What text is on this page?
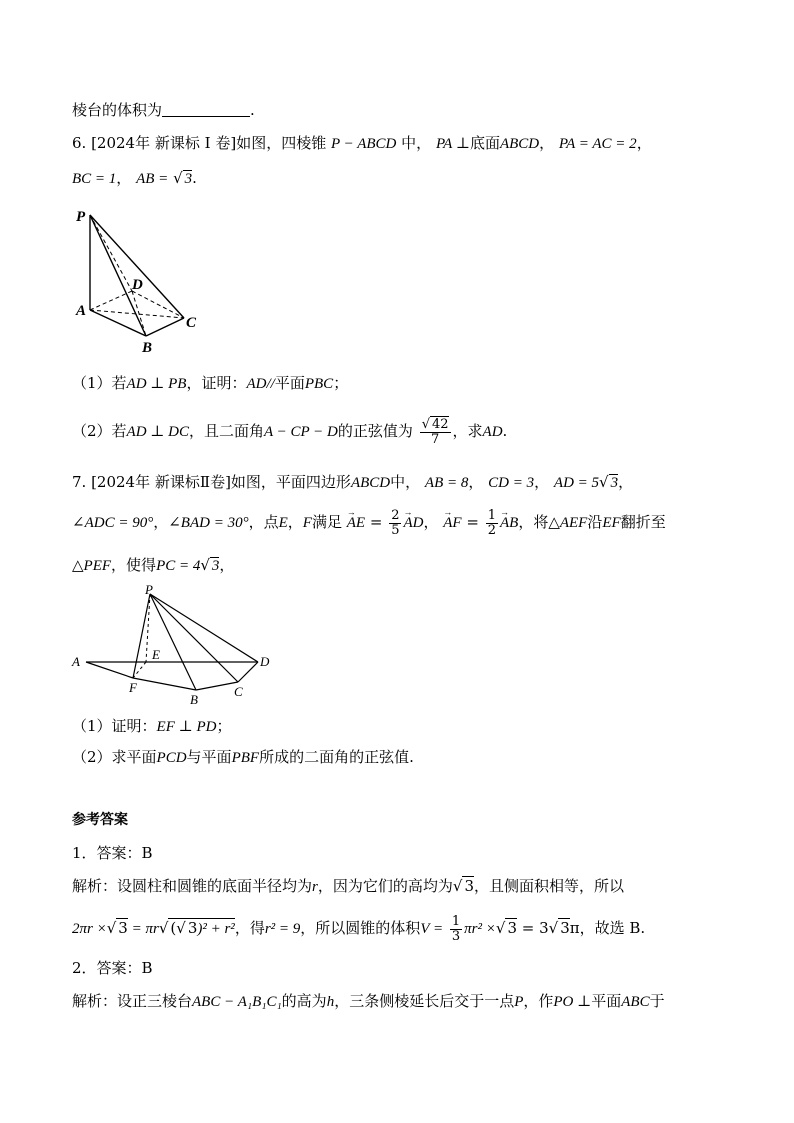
棱台的体积为	.
6. [2024年 新课标 I 卷]如图，四棱锥 P − ABCD 中， PA ⊥底面ABCD， PA = AC = 2，
BC = 1， AB = √ 3.
P
A
B
C
D
（1）若AD ⊥ PB，证明：AD//平面PBC；
（2）若AD ⊥ DC，且二面角A − CP − D的正弦值为 $\frac{√ 42}{7}$ ，求AD.
7. [2024年 新课标Ⅱ卷]如图，平面四边形ABCD中， AB = 8， CD = 3， AD = 5√ 3，
∠ADC = 90°，∠BAD = 30°，点E，F满足
→
AE = $\frac{2}{5}$ →
AD，
→
AF = $\frac{1}{2}$ →
AB，将△AEF沿EF翻折至
△PEF，使得PC = 4√ 3，
P
A	E
F
B
C
D
（1）证明：EF ⊥ PD；
（2）求平面PCD与平面PBF所成的二面角的正弦值.
参考答案
1．答案：B
解析：设圆柱和圆锥的底面半径均为r，因为它们的高均为√ 3，且侧面积相等，所以
2πr ×√ 3 = πr√ (√ 3)² + r²，得r² = 9，所以圆锥的体积$V = \frac{1}{3} \pi r^2$ ×√ 3 = 3√ 3π，故选 B.
2．答案：B
解析：设正三棱台ABC − A₁B₁C₁的高为h，三条侧棱延长后交于一点P，作PO ⊥平面ABC于
